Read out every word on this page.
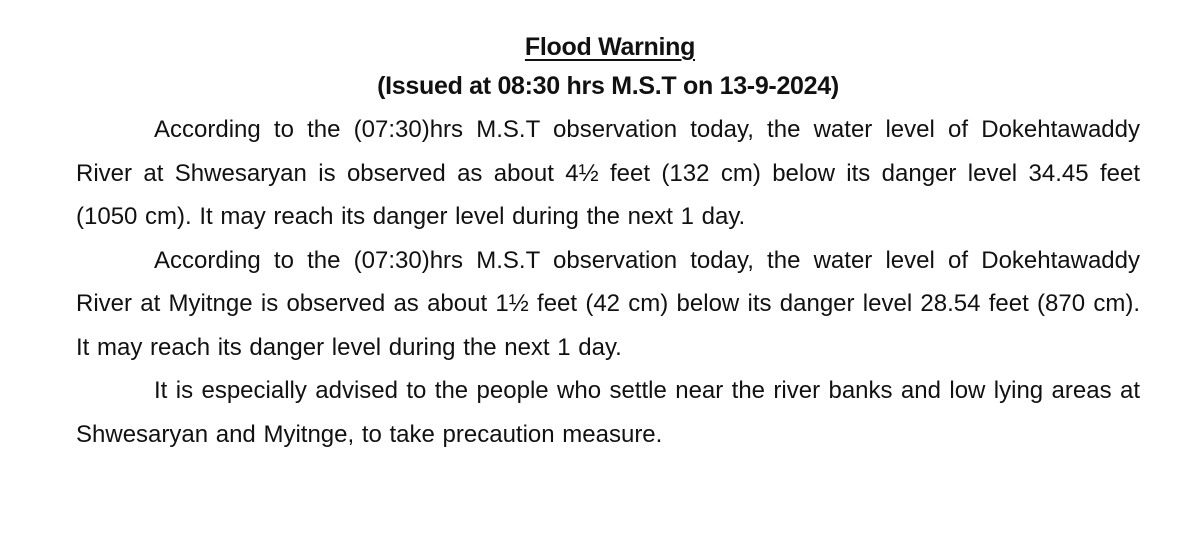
Flood Warning
(Issued at 08:30 hrs M.S.T on 13-9-2024)

According to the (07:30)hrs M.S.T observation today, the water level of Dokehtawaddy River at Shwesaryan is observed as about 4½ feet (132 cm) below its danger level 34.45 feet (1050 cm). It may reach its danger level during the next 1 day.

According to the (07:30)hrs M.S.T observation today, the water level of Dokehtawaddy River at Myitnge is observed as about 1½ feet (42 cm) below its danger level 28.54 feet (870 cm). It may reach its danger level during the next 1 day.

It is especially advised to the people who settle near the river banks and low lying areas at Shwesaryan and Myitnge, to take precaution measure.
